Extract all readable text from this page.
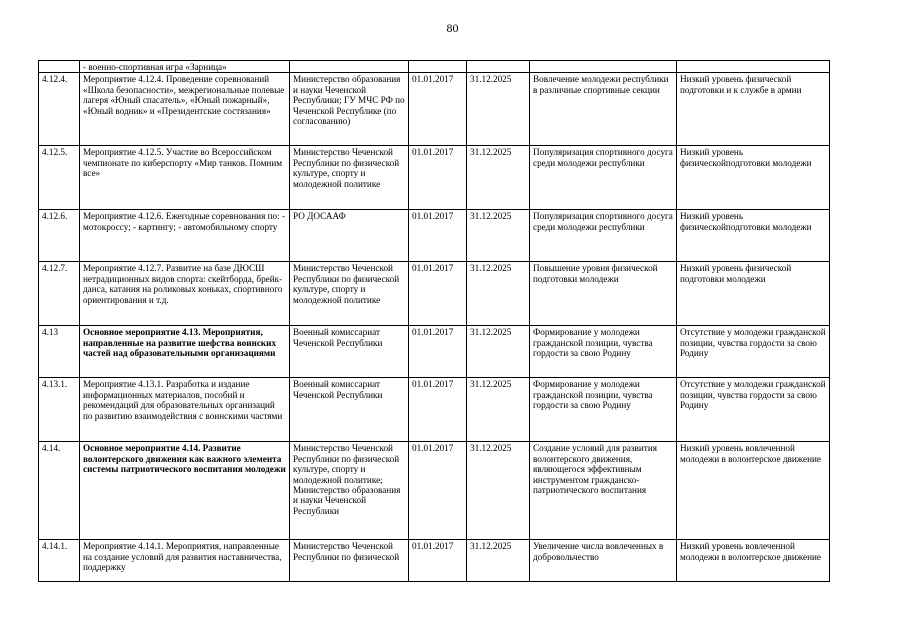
80
	- военно-спортивная игра «Зарница»					
4.12.4.	Мероприятие 4.12.4. Проведение соревнований «Школа безопасности», межрегиональные полевые лагеря «Юный спасатель», «Юный пожарный», «Юный водник» и «Президентские состязания»	Министерство образования и науки Чеченской Республики; ГУ МЧС РФ по Чеченской Республике (по согласованию)	01.01.2017	31.12.2025	Вовлечение молодежи республики в различные спортивные секции	Низкий уровень физической подготовки и к службе в армии
4.12.5.	Мероприятие 4.12.5. Участие во Всероссийском чемпионате по киберспорту «Мир танков. Помним все»	Министерство Чеченской Республики по физической культуре, спорту и молодежной политике	01.01.2017	31.12.2025	Популяризация спортивного досуга среди молодежи республики	Низкий уровень физическойподготовки молодежи
4.12.6.	Мероприятие 4.12.6. Ежегодные соревнования по: - мотокроссу; - картингу; - автомобильному спорту	РО ДОСААФ	01.01.2017	31.12.2025	Популяризация спортивного досуга среди молодежи республики	Низкий уровень физическойподготовки молодежи
4.12.7.	Мероприятие 4.12.7. Развитие на базе ДЮСШ нетрадиционных видов спорта: скейтборда, брейк-данса, катания на роликовых коньках, спортивного ориентирования и т.д.	Министерство Чеченской Республики по физической культуре, спорту и молодежной политике	01.01.2017	31.12.2025	Повышение уровня физической подготовки молодежи	Низкий уровень физической подготовки молодежи
4.13	Основное мероприятие 4.13. Мероприятия, направленные на развитие шефства воинских частей над образовательными организациями	Военный комиссариат Чеченской Республики	01.01.2017	31.12.2025	Формирование у молодежи гражданской позиции, чувства гордости за свою Родину	Отсутствие у молодежи гражданской позиции, чувства гордости за свою Родину
4.13.1.	Мероприятие 4.13.1. Разработка и издание информационных материалов, пособий и рекомендаций для образовательных организаций по развитию взаимодействия с воинскими частями	Военный комиссариат Чеченской Республики	01.01.2017	31.12.2025	Формирование у молодежи гражданской позиции, чувства гордости за свою Родину	Отсутствие у молодежи гражданской позиции, чувства гордости за свою Родину
4.14.	Основное мероприятие 4.14. Развитие волонтерского движения как важного элемента системы патриотического воспитания молодежи	Министерство Чеченской Республики по физической культуре, спорту и молодежной политике; Министерство образования и науки Чеченской Республики	01.01.2017	31.12.2025	Создание условий для развития волонтерского движения, являющегося эффективным инструментом гражданско-патриотического воспитания	Низкий уровень вовлеченной молодежи в волонтерское движение
4.14.1.	Мероприятие 4.14.1. Мероприятия, направленные на создание условий для развития наставничества, поддержку	Министерство Чеченской Республики по физической	01.01.2017	31.12.2025	Увеличение числа вовлеченных в добровольчество	Низкий уровень вовлеченной молодежи в волонтерское движение
